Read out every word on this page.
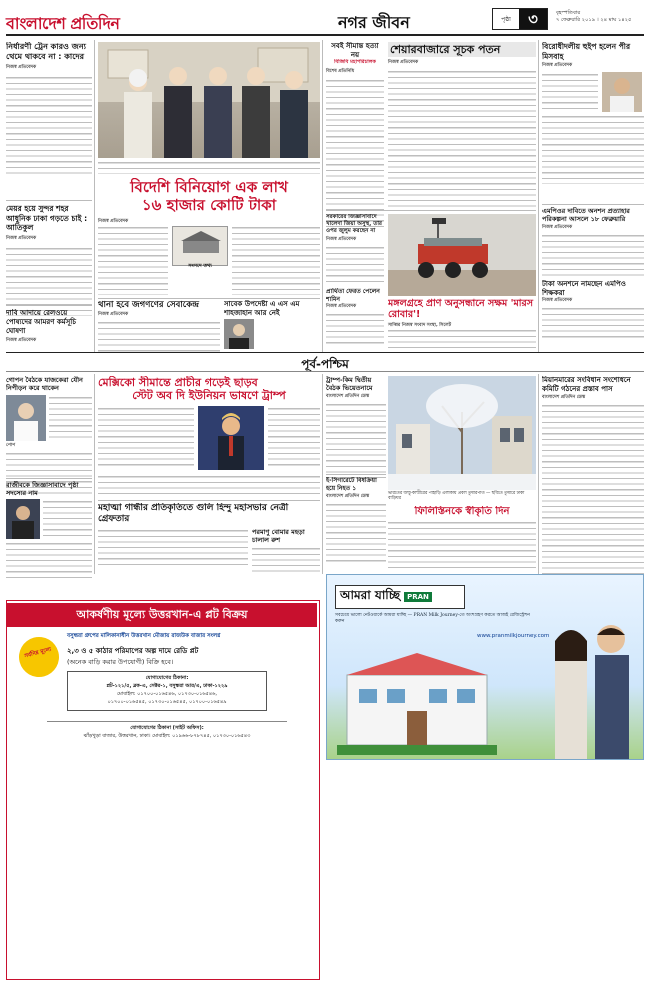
বাংলাদেশ প্রতিদিন	নগর জীবন	পৃষ্ঠা	৩	বৃহস্পতিবার
৭ ফেব্রুয়ারি ২০১৯ । ২৪ মাঘ ১৪২৫
নির্ধারণী ট্রেন কারও জন্য থেমে থাকবে না : কাদের
নিজস্ব প্রতিবেদক
মেয়র হয়ে সুন্দর শহর আধুনিক ঢাকা গড়তে চাই : আতিকুল
নিজস্ব প্রতিবেদক
দাবি আদায়ে রেলওয়ে পোষ্যদের আমরণ কর্মসূচি ঘোষণা
নিজস্ব প্রতিবেদক
বিদেশি বিনিয়োগ এক লাখ
১৬ হাজার কোটি টাকা
নিজস্ব প্রতিবেদক
সংসদে তথ্য
থানা হবে জগণণের সেবাকেন্দ্র
নিজস্ব প্রতিবেদক
সাবেক উপদেষ্টা এ এস এম শাহজাহান আর নেই
সবই সীমান্ত হত্যা নয়
বিজিবি মহাপরিচালক
বিশেষ প্রতিনিধি
শেয়ারবাজারে সূচক পতন
নিজস্ব প্রতিবেদক
সরকারের জিজ্ঞাসাবাদে খালেদা জিয়া অসুস্থ, তার ওপর জুলুম করছেন না
নিজস্ব প্রতিবেদক
প্রার্থিতা ফেরত পেলেন শামিন
নিজস্ব প্রতিবেদক	মঙ্গলগ্রহে প্রাণ অনুসন্ধানে সক্ষম 'মারস রোবার'!
সাব্বির নিজস্ব সংবাদ সংস্থা, সিলেট
বিরোধীদলীয় হুইপ হলেন পীর মিসবাহ
নিজস্ব প্রতিবেদক
এমপিওর দাবিতে অনশন প্রত্যাহার পরিকল্পনা আসলে ১৮ ফেব্রুয়ারি
নিজস্ব প্রতিবেদক
টাকা অনশনে নামছেন এমপিও শিক্ষকরা
নিজস্ব প্রতিবেদক
পূর্ব-পশ্চিম
গোপন বৈঠকে যাজকেরা যৌন নিপীড়ন করে থাকেন
পোপ
রাজীবকে জিজ্ঞাসাবাদে পৃষ্ঠা সদস্যের নাম
মেক্সিকো সীমান্তে প্রাচীর গড়েই ছাড়ব
স্টেট অব দি ইউনিয়ন ভাষণে ট্রাম্প
মহাত্মা গান্ধীর প্রতিকৃতিতে গুলি হিন্দু মহাসভার নেত্রী গ্রেফতার
পরমাণু বোমার মহড়া চালাল রুশ
ট্রাম্প-কিম দ্বিতীয় বৈঠক ভিয়েতনামে
বাংলাদেশ প্রতিদিন ডেস্ক
ভারতের জম্মু-কাশ্মীরের পাহাড়ি এলাকায় প্রবল তুষারপাত — ছবিতে তুষারে ঢাকা বাড়িঘর
ই-সিগারেটে বিষক্রিয়া হয়ে নিহত ১
বাংলাদেশ প্রতিদিন ডেস্ক
ফিলিস্তিনকে স্বীকৃতি দিন
মিয়ানমারের সংবিধান সংশোধনে কমিটি গঠনের প্রস্তাব পাস
বাংলাদেশ প্রতিদিন ডেস্ক
আমরা যাচ্ছি	PRAN
সবচেয়ে ভালো নেটওয়ার্কে আমরা যাচ্ছি — PRAN Milk Journey-তে অংশগ্রহণ করতে আজই রেজিস্ট্রেশন করুন
www.pranmilkjourney.com
আকর্ষণীয় মূল্যে উত্তরখান-এ প্লট বিক্রয়
সর্বনিম্ন মূল্যে
বসুন্ধরা গ্রুপের মালিকানাধীন উত্তরখান মৌজায় রাজউক বাজার সংলগ্ন
২,৩ ও ৫ কাঠার পরিমাপের অল্প দামে রেডি প্লট
(অনেক বাড়ি করার উপযোগী) বিক্রি হবে।
যোগাযোগের ঠিকানা:
প্লট-১২১/৫, ব্লক-এ, সেক্টর-১, বসুন্ধরা আর/এ, ঢাকা-১২২৯
মোবাইল: ০১৭০০-০১৬৫৪৬, ০১৭৩০-০১৬৫৪৬,
০১৭০০-০১৬৫৪৫, ০১৭৩০-০১৬৫৪৫, ০১৭০০-০১৬৫৪৯
যোগাযোগের ঠিকানা (সাইট অফিস):
ঝাঁড়খুড়া বাজার, উত্তরখান, ঢাকা। মোবাইল: ০১৯৬৬-৮৭৮৭৪৫, ০১৭৩০-০১৬৫৪৩
